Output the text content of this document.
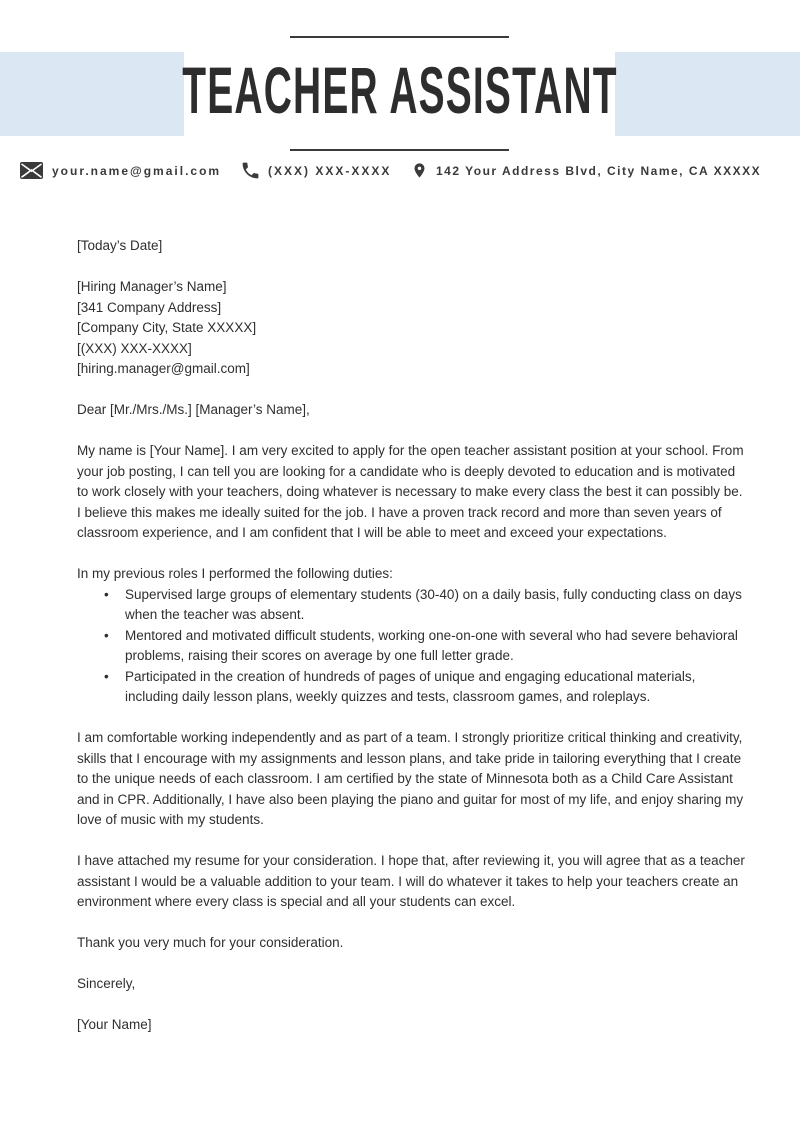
TEACHER ASSISTANT
your.name@gmail.com	(XXX) XXX-XXXX	142 Your Address Blvd, City Name, CA XXXXX

[Today’s Date]

[Hiring Manager’s Name]
[341 Company Address]
[Company City, State XXXXX]
[(XXX) XXX-XXXX]
[hiring.manager@gmail.com]

Dear [Mr./Mrs./Ms.] [Manager’s Name],

My name is [Your Name]. I am very excited to apply for the open teacher assistant position at your school. From your job posting, I can tell you are looking for a candidate who is deeply devoted to education and is motivated to work closely with your teachers, doing whatever is necessary to make every class the best it can possibly be. I believe this makes me ideally suited for the job. I have a proven track record and more than seven years of classroom experience, and I am confident that I will be able to meet and exceed your expectations.

In my previous roles I performed the following duties:

• Supervised large groups of elementary students (30-40) on a daily basis, fully conducting class on days when the teacher was absent.
• Mentored and motivated difficult students, working one-on-one with several who had severe behavioral problems, raising their scores on average by one full letter grade.
• Participated in the creation of hundreds of pages of unique and engaging educational materials, including daily lesson plans, weekly quizzes and tests, classroom games, and roleplays.

I am comfortable working independently and as part of a team. I strongly prioritize critical thinking and creativity, skills that I encourage with my assignments and lesson plans, and take pride in tailoring everything that I create to the unique needs of each classroom. I am certified by the state of Minnesota both as a Child Care Assistant and in CPR. Additionally, I have also been playing the piano and guitar for most of my life, and enjoy sharing my love of music with my students.

I have attached my resume for your consideration. I hope that, after reviewing it, you will agree that as a teacher assistant I would be a valuable addition to your team. I will do whatever it takes to help your teachers create an environment where every class is special and all your students can excel.

Thank you very much for your consideration.

Sincerely,

[Your Name]
